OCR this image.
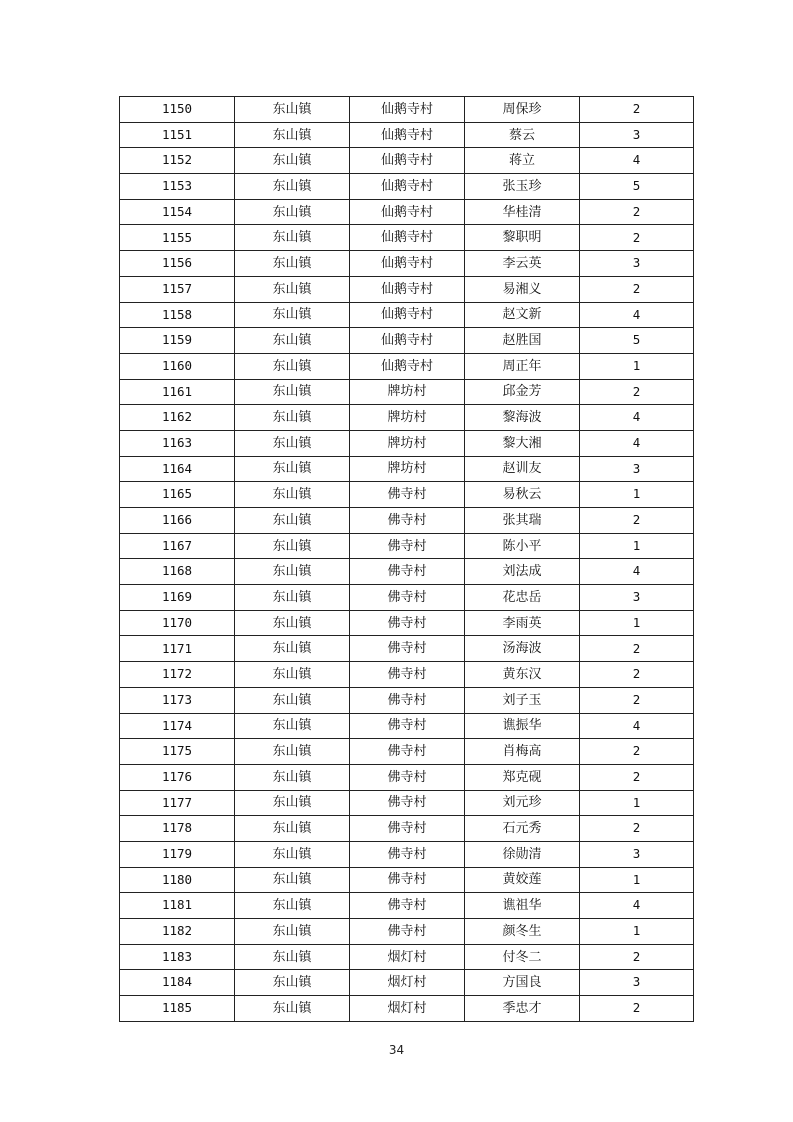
1150	东山镇	仙鹅寺村	周保珍	2
1151	东山镇	仙鹅寺村	蔡云	3
1152	东山镇	仙鹅寺村	蒋立	4
1153	东山镇	仙鹅寺村	张玉珍	5
1154	东山镇	仙鹅寺村	华桂清	2
1155	东山镇	仙鹅寺村	黎职明	2
1156	东山镇	仙鹅寺村	李云英	3
1157	东山镇	仙鹅寺村	易湘义	2
1158	东山镇	仙鹅寺村	赵文新	4
1159	东山镇	仙鹅寺村	赵胜国	5
1160	东山镇	仙鹅寺村	周正年	1
1161	东山镇	牌坊村	邱金芳	2
1162	东山镇	牌坊村	黎海波	4
1163	东山镇	牌坊村	黎大湘	4
1164	东山镇	牌坊村	赵训友	3
1165	东山镇	佛寺村	易秋云	1
1166	东山镇	佛寺村	张其瑞	2
1167	东山镇	佛寺村	陈小平	1
1168	东山镇	佛寺村	刘法成	4
1169	东山镇	佛寺村	花忠岳	3
1170	东山镇	佛寺村	李雨英	1
1171	东山镇	佛寺村	汤海波	2
1172	东山镇	佛寺村	黄东汉	2
1173	东山镇	佛寺村	刘子玉	2
1174	东山镇	佛寺村	谯振华	4
1175	东山镇	佛寺村	肖梅高	2
1176	东山镇	佛寺村	郑克砚	2
1177	东山镇	佛寺村	刘元珍	1
1178	东山镇	佛寺村	石元秀	2
1179	东山镇	佛寺村	徐勋清	3
1180	东山镇	佛寺村	黄姣莲	1
1181	东山镇	佛寺村	谯祖华	4
1182	东山镇	佛寺村	颜冬生	1
1183	东山镇	烟灯村	付冬二	2
1184	东山镇	烟灯村	方国良	3
1185	东山镇	烟灯村	季忠才	2
34
